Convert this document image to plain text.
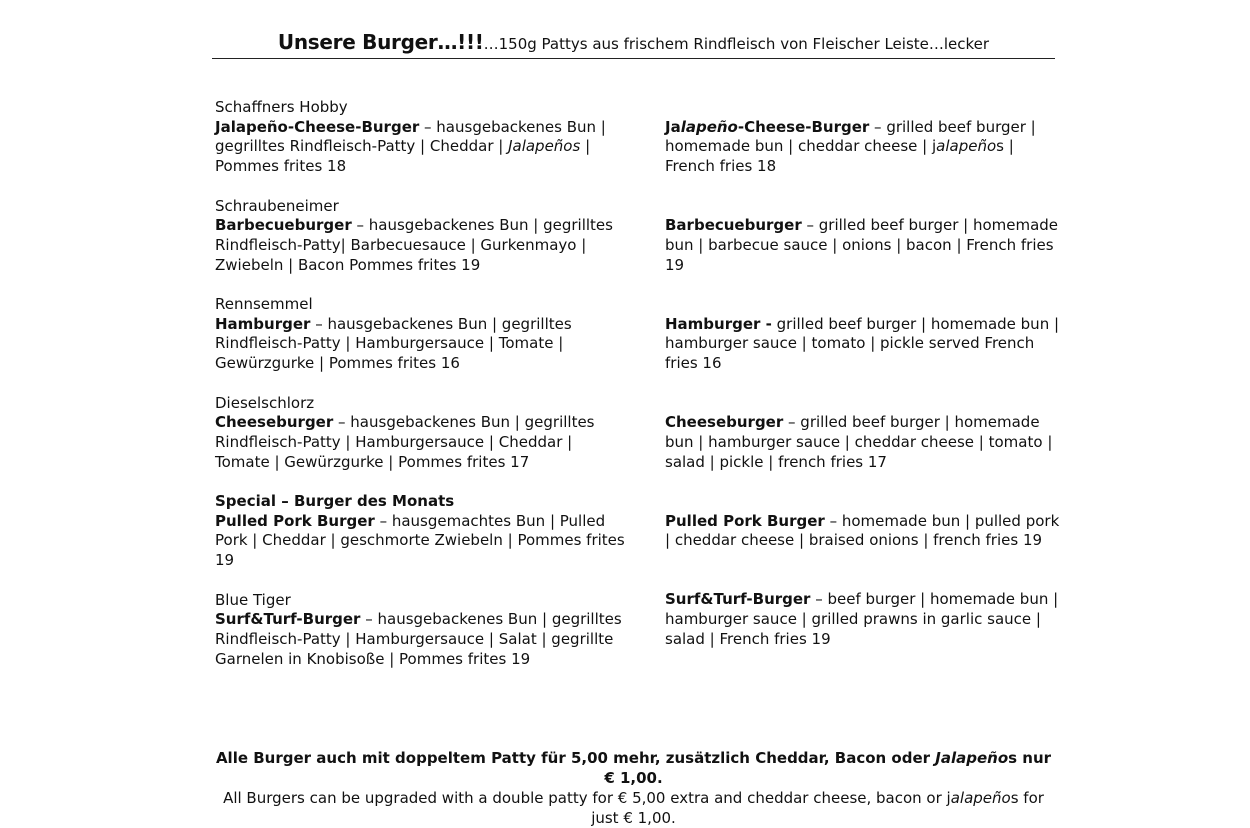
Unsere Burger…!!!…150g Pattys aus frischem Rindfleisch von Fleischer Leiste…lecker
Schaffners Hobby
Jalapeño-Cheese-Burger – hausgebackenes Bun | gegrilltes Rindfleisch-Patty | Cheddar | Jalapeños | Pommes frites 18
Schraubeneimer
Barbecueburger – hausgebackenes Bun | gegrilltes Rindfleisch-Patty| Barbecuesauce | Gurkenmayo | Zwiebeln | Bacon Pommes frites 19
Rennsemmel
Hamburger – hausgebackenes Bun | gegrilltes Rindfleisch-Patty | Hamburgersauce | Tomate | Gewürzgurke | Pommes frites 16
Dieselschlorz
Cheeseburger – hausgebackenes Bun | gegrilltes Rindfleisch-Patty | Hamburgersauce | Cheddar | Tomate | Gewürzgurke | Pommes frites 17
Special – Burger des Monats
Pulled Pork Burger – hausgemachtes Bun | Pulled Pork | Cheddar | geschmorte Zwiebeln | Pommes frites 19
Blue Tiger
Surf&Turf-Burger – hausgebackenes Bun | gegrilltes Rindfleisch-Patty | Hamburgersauce | Salat | gegrillte Garnelen in Knobisoße | Pommes frites 19
Jalapeño-Cheese-Burger – grilled beef burger | homemade bun | cheddar cheese | jalapeños | French fries 18
Barbecueburger – grilled beef burger | homemade bun | barbecue sauce | onions | bacon | French fries 19
Hamburger - grilled beef burger | homemade bun | hamburger sauce | tomato | pickle served French fries 16
Cheeseburger – grilled beef burger | homemade bun | hamburger sauce | cheddar cheese | tomato | salad | pickle | french fries 17
Pulled Pork Burger – homemade bun | pulled pork | cheddar cheese | braised onions | french fries 19
Surf&Turf-Burger – beef burger | homemade bun | hamburger sauce | grilled prawns in garlic sauce | salad | French fries 19
Alle Burger auch mit doppeltem Patty für 5,00 mehr, zusätzlich Cheddar, Bacon oder Jalapeños nur € 1,00.
All Burgers can be upgraded with a double patty for € 5,00 extra and cheddar cheese, bacon or jalapeños for just € 1,00.
